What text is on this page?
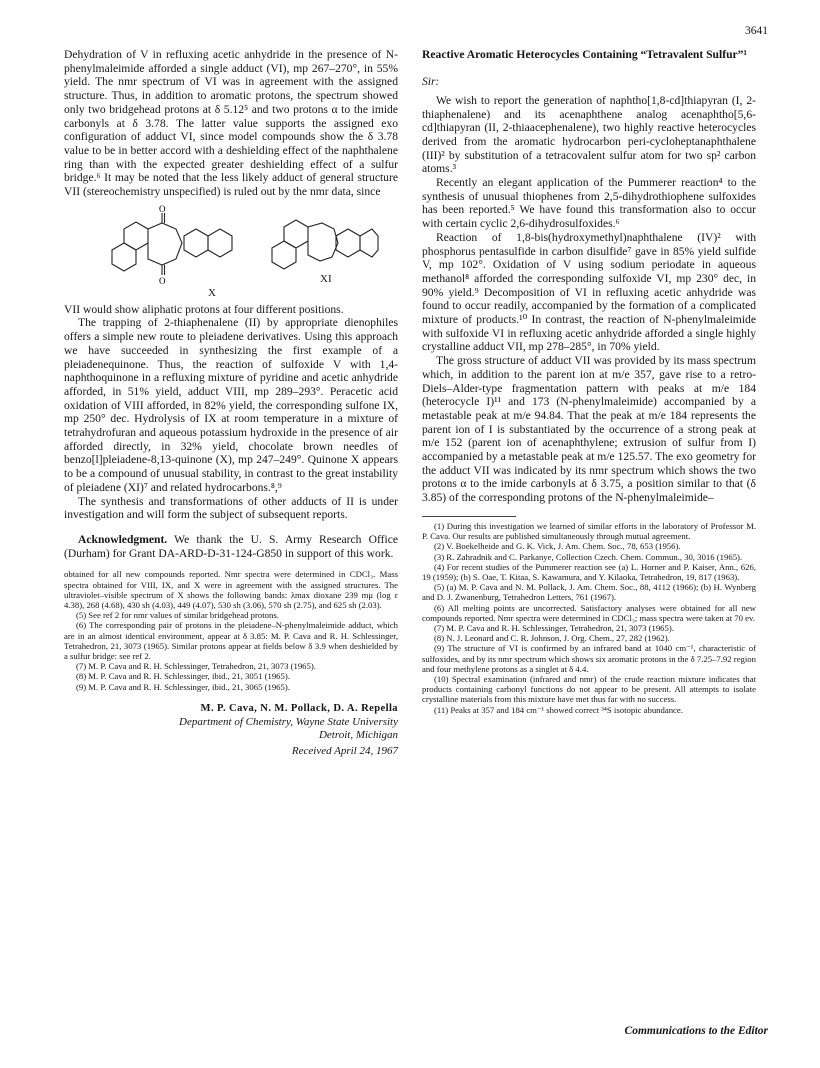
3641

Dehydration of V in refluxing acetic anhydride in the presence of N-phenylmaleimide afforded a single adduct (VI), mp 267–270°, in 55% yield. The nmr spectrum of VI was in agreement with the assigned structure. Thus, in addition to aromatic protons, the spectrum showed only two bridgehead protons at δ 5.12⁵ and two protons α to the imide carbonyls at δ 3.78. The latter value supports the assigned exo configuration of adduct VI, since model compounds show the δ 3.78 value to be in better accord with a deshielding effect of the naphthalene ring than with the expected greater deshielding effect of a sulfur bridge.⁶ It may be noted that the less likely adduct of general structure VII (stereochemistry unspecified) is ruled out by the nmr data, since

O
O
X
XI

VII would show aliphatic protons at four different positions.

The trapping of 2-thiaphenalene (II) by appropriate dienophiles offers a simple new route to pleiadene derivatives. Using this approach we have succeeded in synthesizing the first example of a pleiadenequinone. Thus, the reaction of sulfoxide V with 1,4-naphthoquinone in a refluxing mixture of pyridine and acetic anhydride afforded, in 51% yield, adduct VIII, mp 289–293°. Peracetic acid oxidation of VIII afforded, in 82% yield, the corresponding sulfone IX, mp 250° dec. Hydrolysis of IX at room temperature in a mixture of tetrahydrofuran and aqueous potassium hydroxide in the presence of air afforded directly, in 32% yield, chocolate brown needles of benzo[l]pleiadene-8,13-quinone (X), mp 247–249°. Quinone X appears to be a compound of unusual stability, in contrast to the great instability of pleiadene (XI)⁷ and related hydrocarbons.⁸,⁹

The synthesis and transformations of other adducts of II is under investigation and will form the subject of subsequent reports.

Acknowledgment. We thank the U. S. Army Research Office (Durham) for Grant DA-ARD-D-31-124-G850 in support of this work.

obtained for all new compounds reported. Nmr spectra were determined in CDCl₃. Mass spectra obtained for VIII, IX, and X were in agreement with the assigned structures. The ultraviolet–visible spectrum of X shows the following bands: λmax dioxane 239 mμ (log ε 4.38), 268 (4.68), 430 sh (4.03), 449 (4.07), 530 sh (3.06), 570 sh (2.75), and 625 sh (2.03).

(5) See ref 2 for nmr values of similar bridgehead protons.

(6) The corresponding pair of protons in the pleiadene–N-phenylmaleimide adduct, which are in an almost identical environment, appear at δ 3.85: M. P. Cava and R. H. Schlessinger, Tetrahedron, 21, 3073 (1965). Similar protons appear at fields below δ 3.9 when deshielded by a sulfur bridge: see ref 2.

(7) M. P. Cava and R. H. Schlessinger, Tetrahedron, 21, 3073 (1965).

(8) M. P. Cava and R. H. Schlessinger, ibid., 21, 3051 (1965).

(9) M. P. Cava and R. H. Schlessinger, ibid., 21, 3065 (1965).

M. P. Cava, N. M. Pollack, D. A. Repella
Department of Chemistry, Wayne State University
Detroit, Michigan
Received April 24, 1967
Reactive Aromatic Heterocycles Containing “Tetravalent Sulfur”¹
Sir:

We wish to report the generation of naphtho[1,8-cd]thiapyran (I, 2-thiaphenalene) and its acenaphthene analog acenaphtho[5,6-cd]thiapyran (II, 2-thiaacephenalene), two highly reactive heterocycles derived from the aromatic hydrocarbon peri-cycloheptanaphthalene (III)² by substitution of a tetracovalent sulfur atom for two sp² carbon atoms.³

Recently an elegant application of the Pummerer reaction⁴ to the synthesis of unusual thiophenes from 2,5-dihydrothiophene sulfoxides has been reported.⁵ We have found this transformation also to occur with certain cyclic 2,6-dihydrosulfoxides.⁶

Reaction of 1,8-bis(hydroxymethyl)naphthalene (IV)² with phosphorus pentasulfide in carbon disulfide⁷ gave in 85% yield sulfide V, mp 102°. Oxidation of V using sodium periodate in aqueous methanol⁸ afforded the corresponding sulfoxide VI, mp 230° dec, in 90% yield.⁹ Decomposition of VI in refluxing acetic anhydride was found to occur readily, accompanied by the formation of a complicated mixture of products.¹⁰ In contrast, the reaction of N-phenylmaleimide with sulfoxide VI in refluxing acetic anhydride afforded a single highly crystalline adduct VII, mp 278–285°, in 70% yield.

The gross structure of adduct VII was provided by its mass spectrum which, in addition to the parent ion at m/e 357, gave rise to a retro-Diels–Alder-type fragmentation pattern with peaks at m/e 184 (heterocycle I)¹¹ and 173 (N-phenylmaleimide) accompanied by a metastable peak at m/e 94.84. That the peak at m/e 184 represents the parent ion of I is substantiated by the occurrence of a strong peak at m/e 152 (parent ion of acenaphthylene; extrusion of sulfur from I) accompanied by a metastable peak at m/e 125.57. The exo geometry for the adduct VII was indicated by its nmr spectrum which shows the two protons α to the imide carbonyls at δ 3.75, a position similar to that (δ 3.85) of the corresponding protons of the N-phenylmaleimide–

(1) During this investigation we learned of similar efforts in the laboratory of Professor M. P. Cava. Our results are published simultaneously through mutual agreement.

(2) V. Boekelheide and G. K. Vick, J. Am. Chem. Soc., 78, 653 (1956).

(3) R. Zahradnik and C. Parkanye, Collection Czech. Chem. Commun., 30, 3016 (1965).

(4) For recent studies of the Pummerer reaction see (a) L. Horner and P. Kaiser, Ann., 626, 19 (1959); (b) S. Oae, T. Kitaa, S. Kawamura, and Y. Kilaoka, Tetrahedron, 19, 817 (1963).

(5) (a) M. P. Cava and N. M. Pollack, J. Am. Chem. Soc., 88, 4112 (1966); (b) H. Wynberg and D. J. Zwanenburg, Tetrahedron Letters, 761 (1967).

(6) All melting points are uncorrected. Satisfactory analyses were obtained for all new compounds reported. Nmr spectra were determined in CDCl₃; mass spectra were taken at 70 ev.

(7) M. P. Cava and R. H. Schlessinger, Tetrahedron, 21, 3073 (1965).

(8) N. J. Leonard and C. R. Johnson, J. Org. Chem., 27, 282 (1962).

(9) The structure of VI is confirmed by an infrared band at 1040 cm⁻¹, characteristic of sulfoxides, and by its nmr spectrum which shows six aromatic protons in the δ 7.25–7.92 region and four methylene protons as a singlet at δ 4.4.

(10) Spectral examination (infrared and nmr) of the crude reaction mixture indicates that products containing carbonyl functions do not appear to be present. All attempts to isolate crystalline materials from this mixture have met thus far with no success.

(11) Peaks at 357 and 184 cm⁻¹ showed correct ³⁴S isotopic abundance.

Communications to the Editor
